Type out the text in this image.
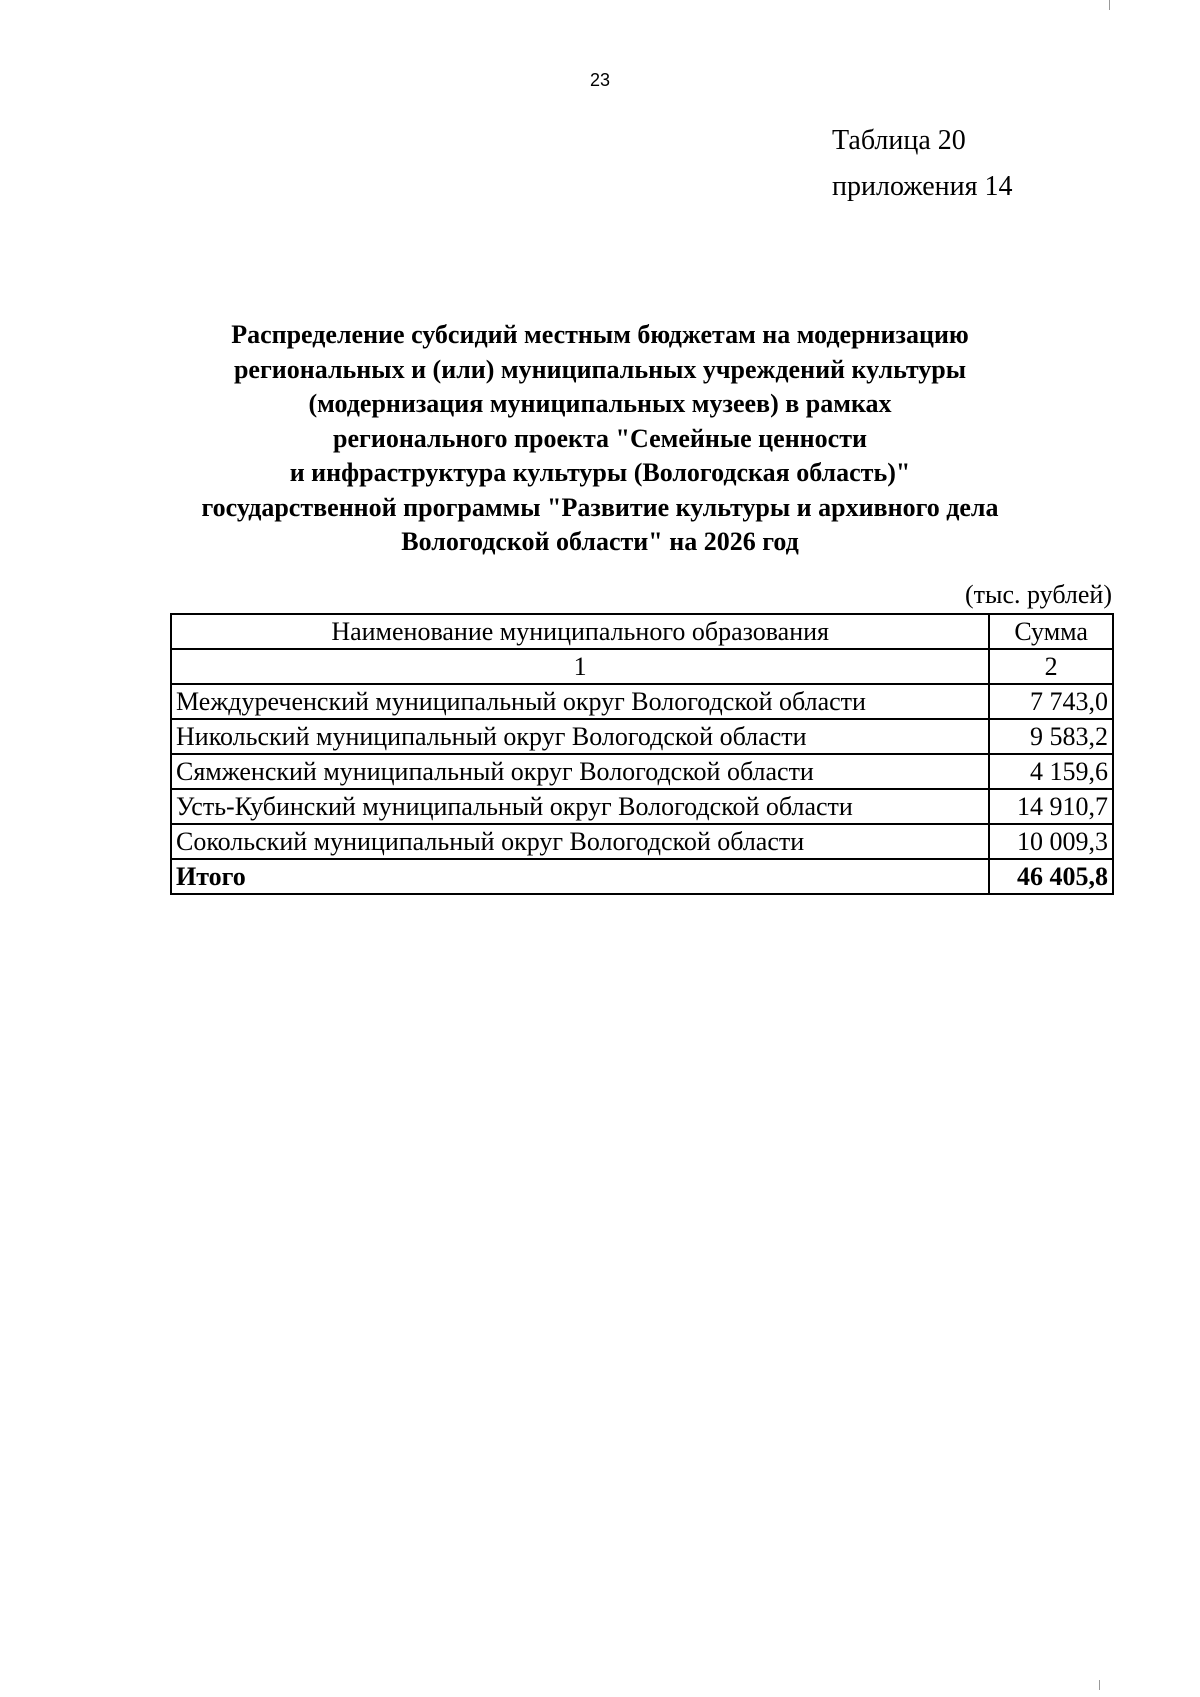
23
Таблица 20
приложения 14
Распределение субсидий местным бюджетам на модернизацию
региональных и (или) муниципальных учреждений культуры
(модернизация муниципальных музеев) в рамках
регионального проекта "Семейные ценности
и инфраструктура культуры (Вологодская область)"
государственной программы "Развитие культуры и архивного дела
Вологодской области" на 2026 год
(тыс. рублей)
Наименование муниципального образования	Сумма
1	2
Междуреченский муниципальный округ Вологодской области	7 743,0
Никольский муниципальный округ Вологодской области	9 583,2
Сямженский муниципальный округ Вологодской области	4 159,6
Усть-Кубинский муниципальный округ Вологодской области	14 910,7
Сокольский муниципальный округ Вологодской области	10 009,3
Итого	46 405,8
